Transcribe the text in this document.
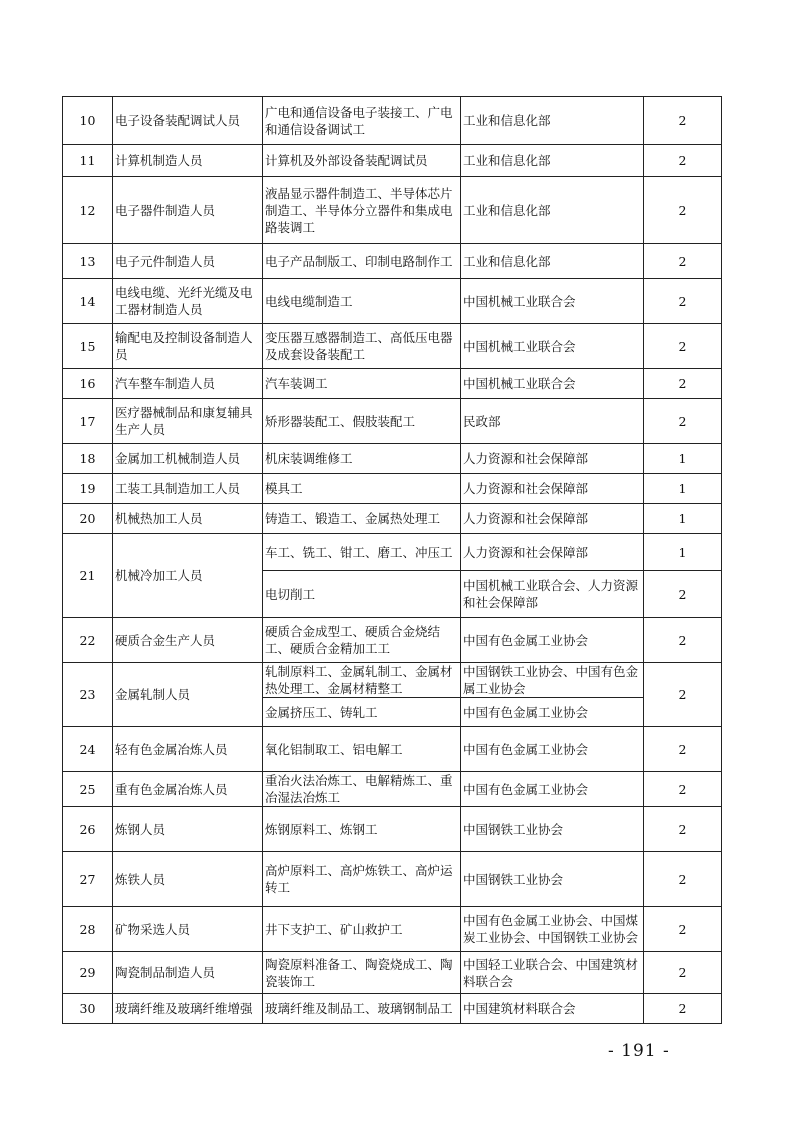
10	电子设备装配调试人员	广电和通信设备电子装接工、广电和通信设备调试工	工业和信息化部	2
11	计算机制造人员	计算机及外部设备装配调试员	工业和信息化部	2
12	电子器件制造人员	液晶显示器件制造工、半导体芯片制造工、半导体分立器件和集成电路装调工	工业和信息化部	2
13	电子元件制造人员	电子产品制版工、印制电路制作工	工业和信息化部	2
14	电线电缆、光纤光缆及电工器材制造人员	电线电缆制造工	中国机械工业联合会	2
15	输配电及控制设备制造人员	变压器互感器制造工、高低压电器及成套设备装配工	中国机械工业联合会	2
16	汽车整车制造人员	汽车装调工	中国机械工业联合会	2
17	医疗器械制品和康复辅具生产人员	矫形器装配工、假肢装配工	民政部	2
18	金属加工机械制造人员	机床装调维修工	人力资源和社会保障部	1
19	工装工具制造加工人员	模具工	人力资源和社会保障部	1
20	机械热加工人员	铸造工、锻造工、金属热处理工	人力资源和社会保障部	1
21	机械冷加工人员	车工、铣工、钳工、磨工、冲压工	人力资源和社会保障部	1
		电切削工	中国机械工业联合会、人力资源和社会保障部	2
22	硬质合金生产人员	硬质合金成型工、硬质合金烧结工、硬质合金精加工工	中国有色金属工业协会	2
23	金属轧制人员	轧制原料工、金属轧制工、金属材热处理工、金属材精整工	中国钢铁工业协会、中国有色金属工业协会	2
		金属挤压工、铸轧工	中国有色金属工业协会	
24	轻有色金属冶炼人员	氧化铝制取工、铝电解工	中国有色金属工业协会	2
25	重有色金属冶炼人员	重冶火法冶炼工、电解精炼工、重冶湿法冶炼工	中国有色金属工业协会	2
26	炼钢人员	炼钢原料工、炼钢工	中国钢铁工业协会	2
27	炼铁人员	高炉原料工、高炉炼铁工、高炉运转工	中国钢铁工业协会	2
28	矿物采选人员	井下支护工、矿山救护工	中国有色金属工业协会、中国煤炭工业协会、中国钢铁工业协会	2
29	陶瓷制品制造人员	陶瓷原料准备工、陶瓷烧成工、陶瓷装饰工	中国轻工业联合会、中国建筑材料联合会	2
30	玻璃纤维及玻璃纤维增强	玻璃纤维及制品工、玻璃钢制品工	中国建筑材料联合会	2
- 191 -
